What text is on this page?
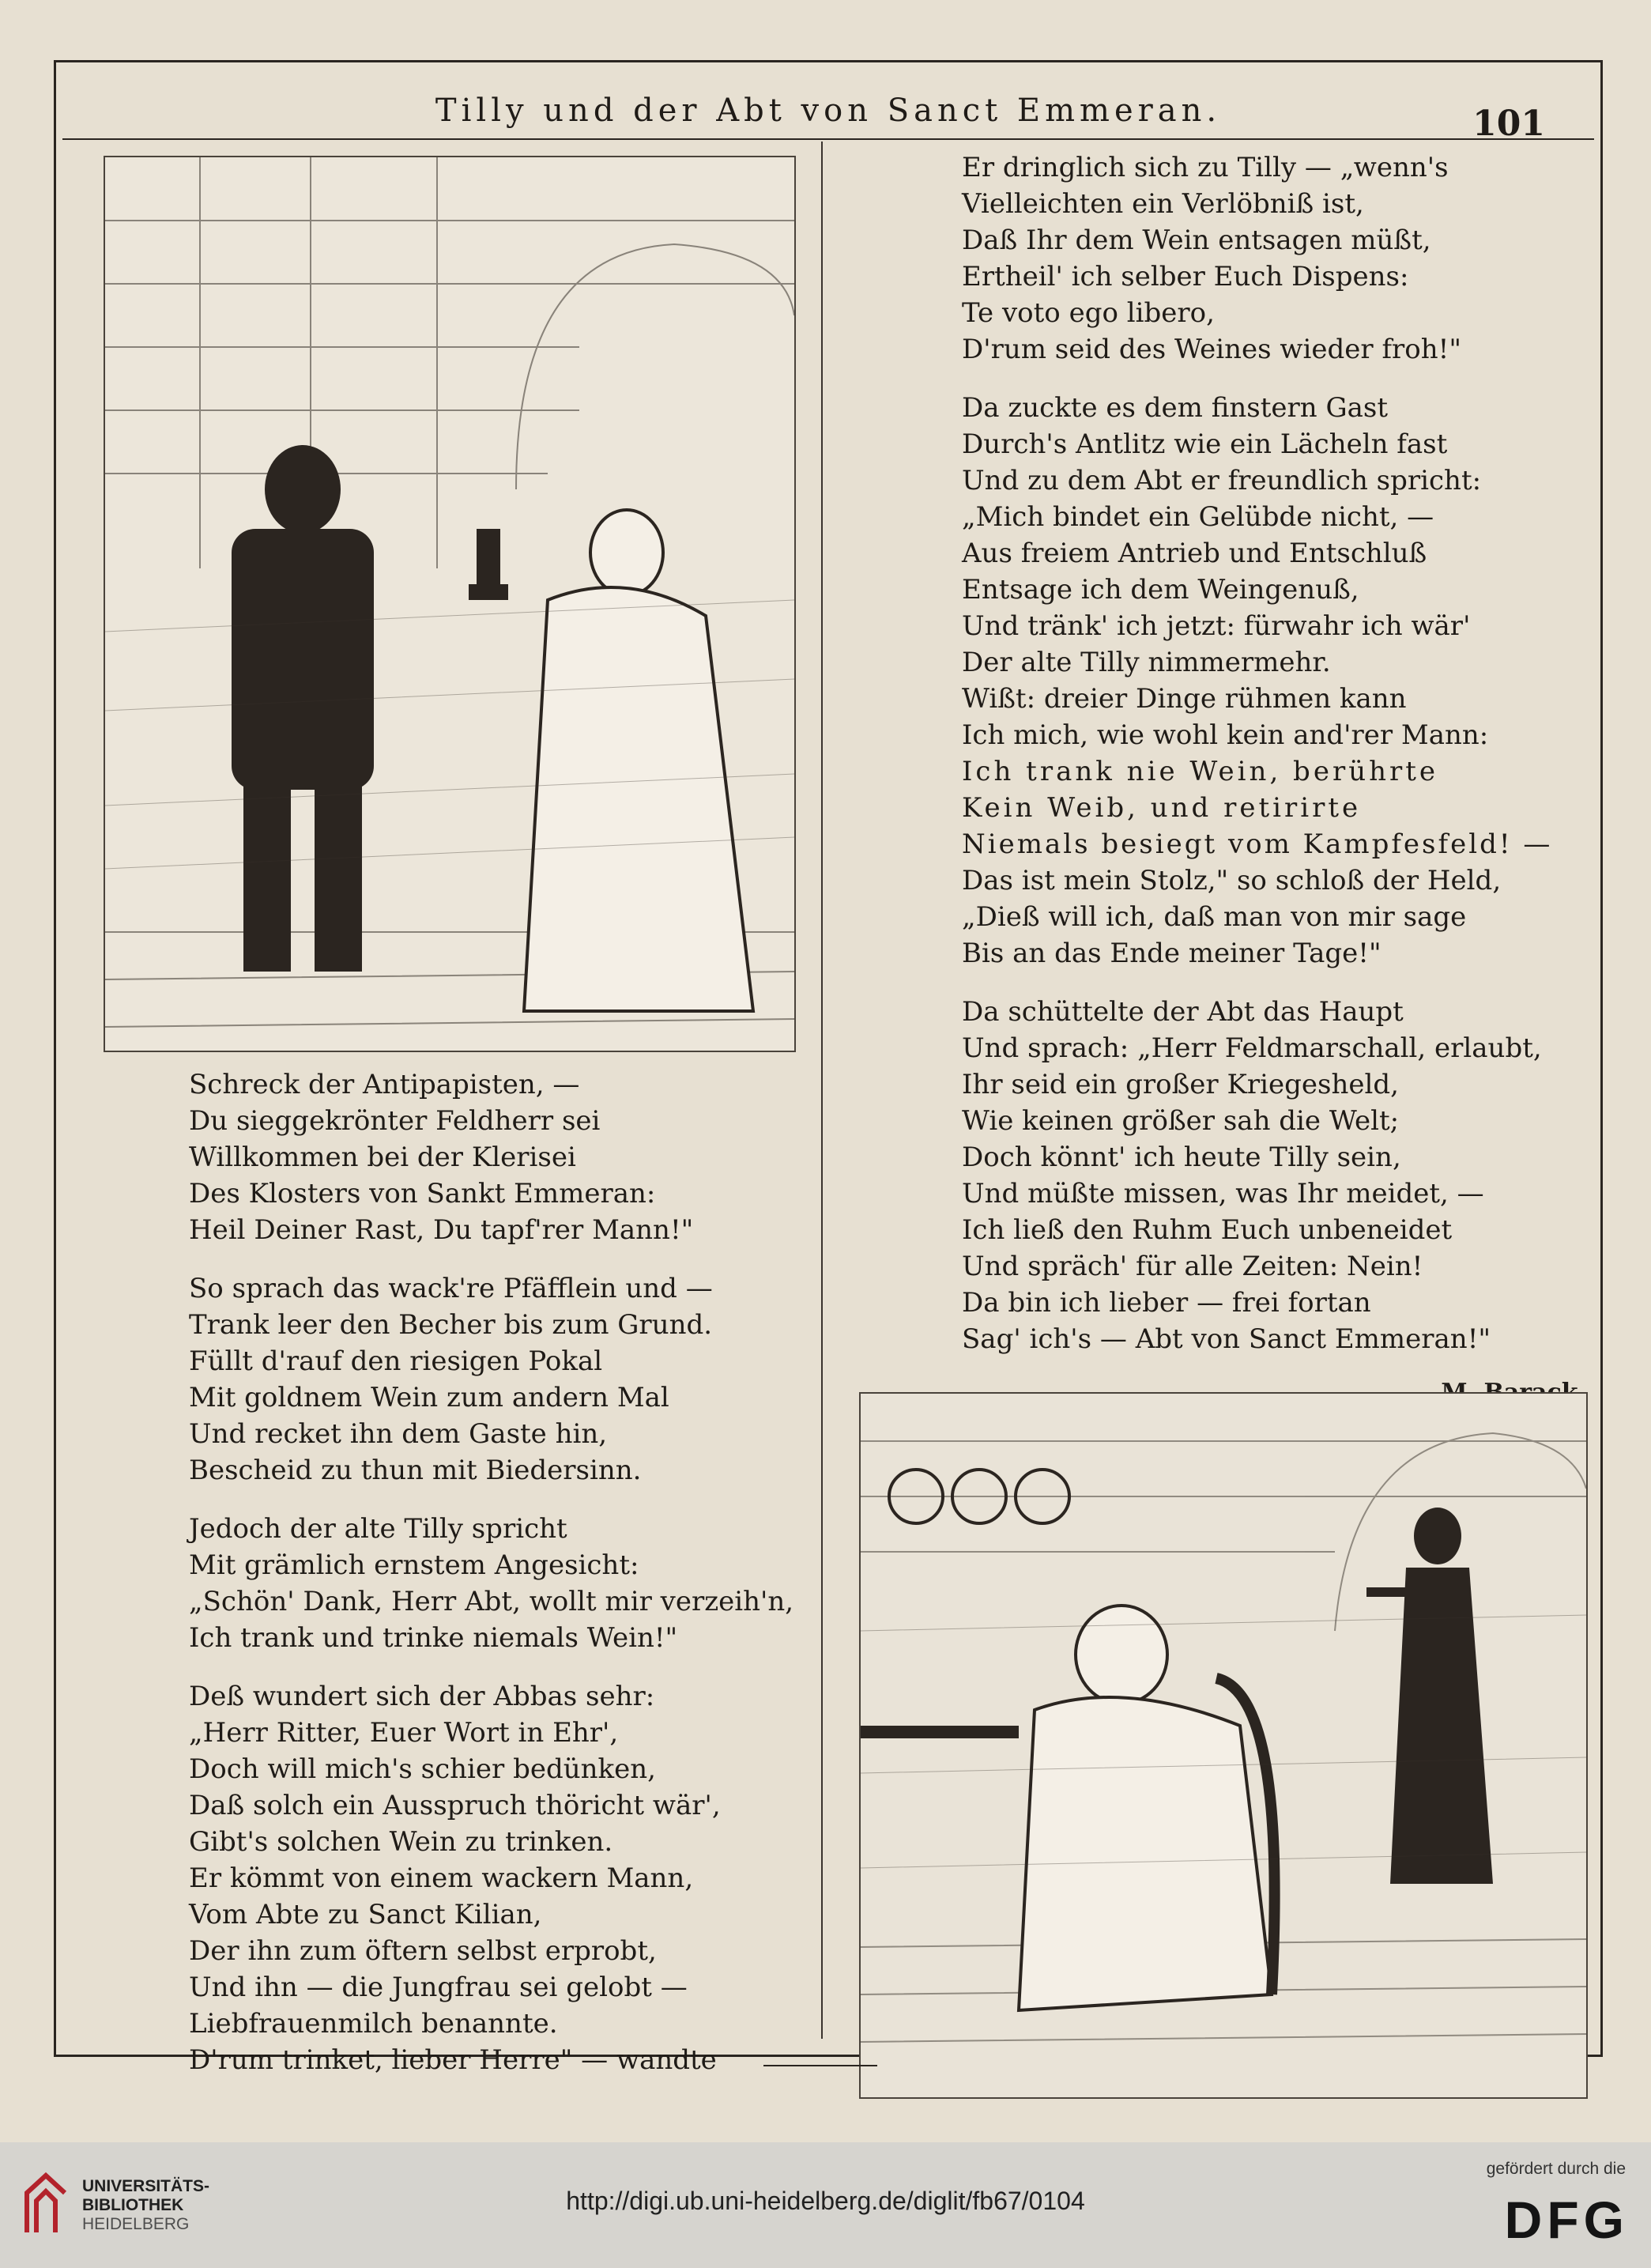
Tilly und der Abt von Sanct Emmeran.	101
Schreck der Antipapisten, —
Du sieggekrönter Feldherr sei
Willkommen bei der Klerisei
Des Klosters von Sankt Emmeran:
Heil Deiner Rast, Du tapf'rer Mann!"
So sprach das wack're Pfäfflein und —
Trank leer den Becher bis zum Grund.
Füllt d'rauf den riesigen Pokal
Mit goldnem Wein zum andern Mal
Und recket ihn dem Gaste hin,
Bescheid zu thun mit Biedersinn.
Jedoch der alte Tilly spricht
Mit grämlich ernstem Angesicht:
„Schön' Dank, Herr Abt, wollt mir verzeih'n,
Ich trank und trinke niemals Wein!"
Deß wundert sich der Abbas sehr:
„Herr Ritter, Euer Wort in Ehr',
Doch will mich's schier bedünken,
Daß solch ein Ausspruch thöricht wär',
Gibt's solchen Wein zu trinken.
Er kömmt von einem wackern Mann,
Vom Abte zu Sanct Kilian,
Der ihn zum öftern selbst erprobt,
Und ihn — die Jungfrau sei gelobt —
Liebfrauenmilch benannte.
D'rum trinket, lieber Herre" — wandte
Er dringlich sich zu Tilly — „wenn's
Vielleichten ein Verlöbniß ist,
Daß Ihr dem Wein entsagen müßt,
Ertheil' ich selber Euch Dispens:
Te voto ego libero,
D'rum seid des Weines wieder froh!"
Da zuckte es dem finstern Gast
Durch's Antlitz wie ein Lächeln fast
Und zu dem Abt er freundlich spricht:
„Mich bindet ein Gelübde nicht, —
Aus freiem Antrieb und Entschluß
Entsage ich dem Weingenuß,
Und tränk' ich jetzt: fürwahr ich wär'
Der alte Tilly nimmermehr.
Wißt: dreier Dinge rühmen kann
Ich mich, wie wohl kein and'rer Mann:
Ich trank nie Wein, berührte
Kein Weib, und retirirte
Niemals besiegt vom Kampfesfeld! —
Das ist mein Stolz," so schloß der Held,
„Dieß will ich, daß man von mir sage
Bis an das Ende meiner Tage!"
Da schüttelte der Abt das Haupt
Und sprach: „Herr Feldmarschall, erlaubt,
Ihr seid ein großer Kriegesheld,
Wie keinen größer sah die Welt;
Doch könnt' ich heute Tilly sein,
Und müßte missen, was Ihr meidet, —
Ich ließ den Ruhm Euch unbeneidet
Und spräch' für alle Zeiten: Nein!
Da bin ich lieber — frei fortan
Sag' ich's — Abt von Sanct Emmeran!"
UNIVERSITÄTS-
BIBLIOTHEK
HEIDELBERG
http://digi.ub.uni-heidelberg.de/diglit/fb67/0104
gefördert durch die
DFG
